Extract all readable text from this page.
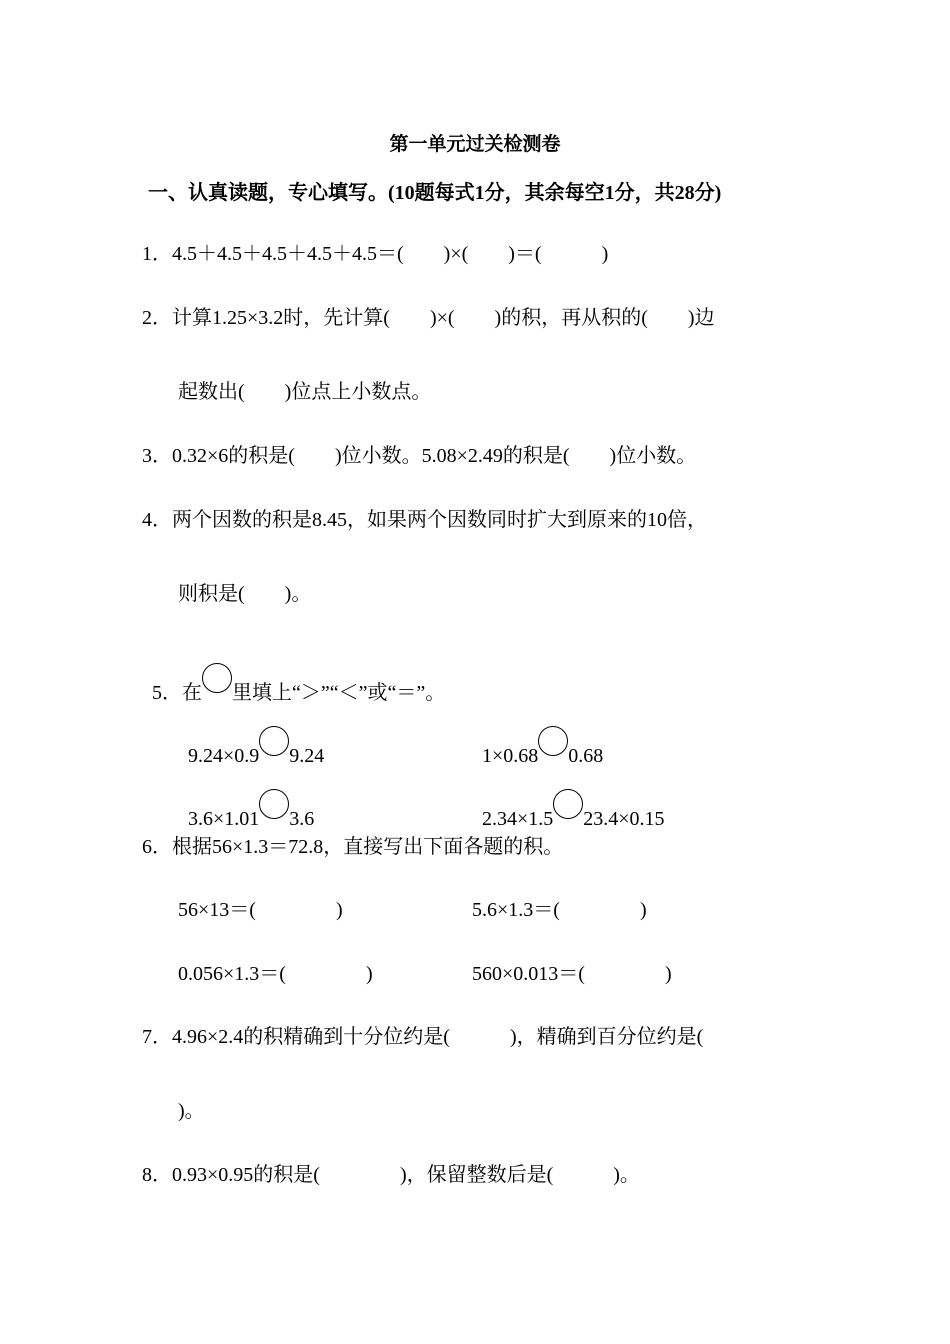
第一单元过关检测卷
一、认真读题，专心填写。(10题每式1分，其余每空1分，共28分)
1．4.5＋4.5＋4.5＋4.5＋4.5＝(　　)×(　　)＝(　　　)
2．计算1.25×3.2时，先计算(　　)×(　　)的积，再从积的(　　)边
起数出(　　)位点上小数点。
3．0.32×6的积是(　　)位小数。5.08×2.49的积是(　　)位小数。
4．两个因数的积是8.45，如果两个因数同时扩大到原来的10倍，
则积是(　　)。

5．在 里填上“＞”“＜”或“＝”。

9.24×0.9 9.24	1×0.68 0.68

3.6×1.01 3.6	2.34×1.5 23.4×0.15

6．根据56×1.3＝72.8，直接写出下面各题的积。
56×13＝(　　　　)	5.6×1.3＝(　　　　)
0.056×1.3＝(　　　　)	560×0.013＝(　　　　)
7．4.96×2.4的积精确到十分位约是(　　　)，精确到百分位约是(
)。
8．0.93×0.95的积是(　　　　)，保留整数后是(　　　)。
